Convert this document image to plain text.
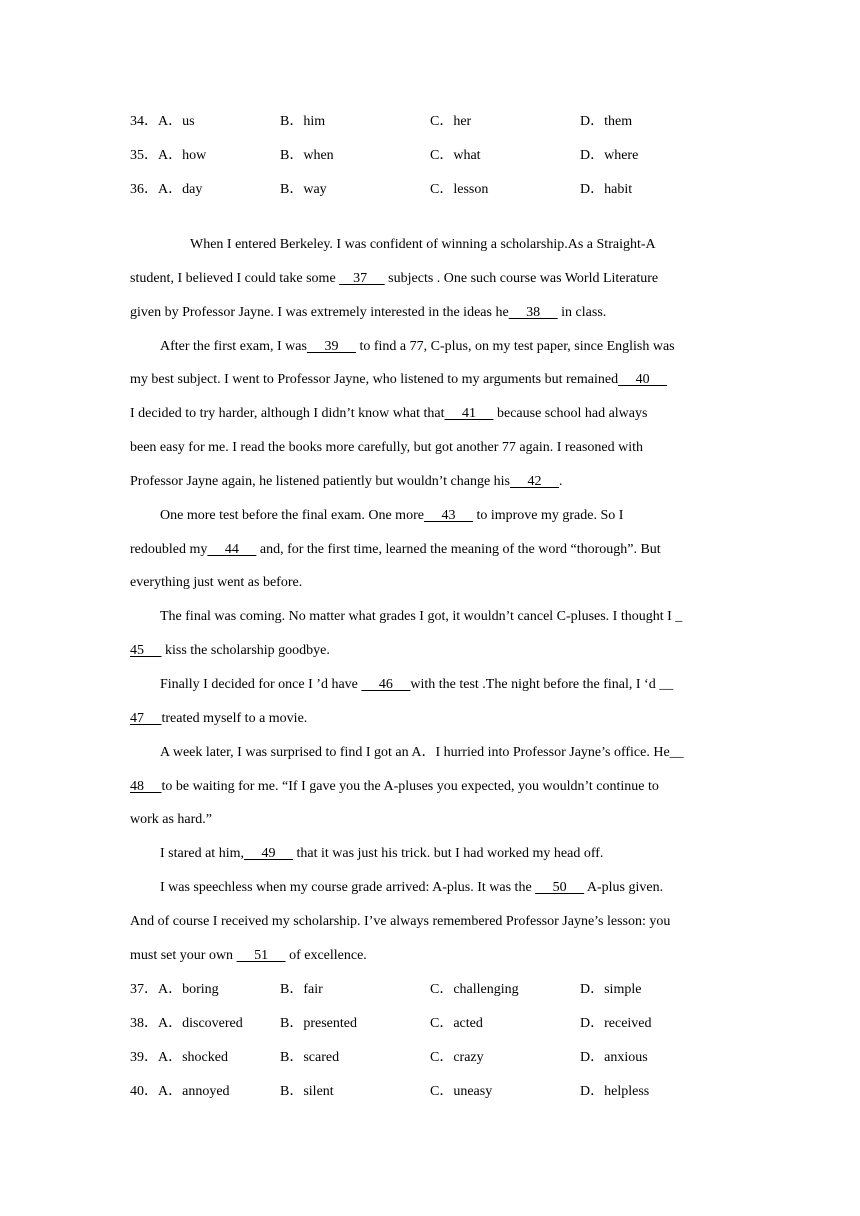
34．A．us	B．him	C．her	D．them
35．A．how	B．when	C．what	D．where
36．A．day	B．way	C．lesson	D．habit
When I entered Berkeley. I was confident of winning a scholarship.As a Straight-A
student, I believed I could take some     37      subjects . One such course was World Literature
given by Professor Jayne. I was extremely interested in the ideas he     38      in class.
After the first exam, I was     39      to find a 77, C-plus, on my test paper, since English was
my best subject. I went to Professor Jayne, who listened to my arguments but remained     40
I decided to try harder, although I didn’t know what that     41      because school had always
been easy for me. I read the books more carefully, but got another 77 again. I reasoned with
Professor Jayne again, he listened patiently but wouldn’t change his     42     .
One more test before the final exam. One more     43      to improve my grade. So I
redoubled my     44      and, for the first time, learned the meaning of the word “thorough”. But
everything just went as before.
The final was coming. No matter what grades I got, it wouldn’t cancel C-pluses. I thought I _
45      kiss the scholarship goodbye.
Finally I decided for once I ’d have      46     with the test .The night before the final, I ‘d __
47     treated myself to a movie.
A week later, I was surprised to find I got an A．I hurried into Professor Jayne’s office. He__
48     to be waiting for me. “If I gave you the A-pluses you expected, you wouldn’t continue to
work as hard.”
I stared at him,     49      that it was just his trick. but I had worked my head off.
I was speechless when my course grade arrived: A-plus. It was the      50      A-plus given.
And of course I received my scholarship. I’ve always remembered Professor Jayne’s lesson: you
must set your own      51      of excellence.
37．A．boring	B．fair	C．challenging	D．simple
38．A．discovered	B．presented	C．acted	D．received
39．A．shocked	B．scared	C．crazy	D．anxious
40．A．annoyed	B．silent	C．uneasy	D．helpless
